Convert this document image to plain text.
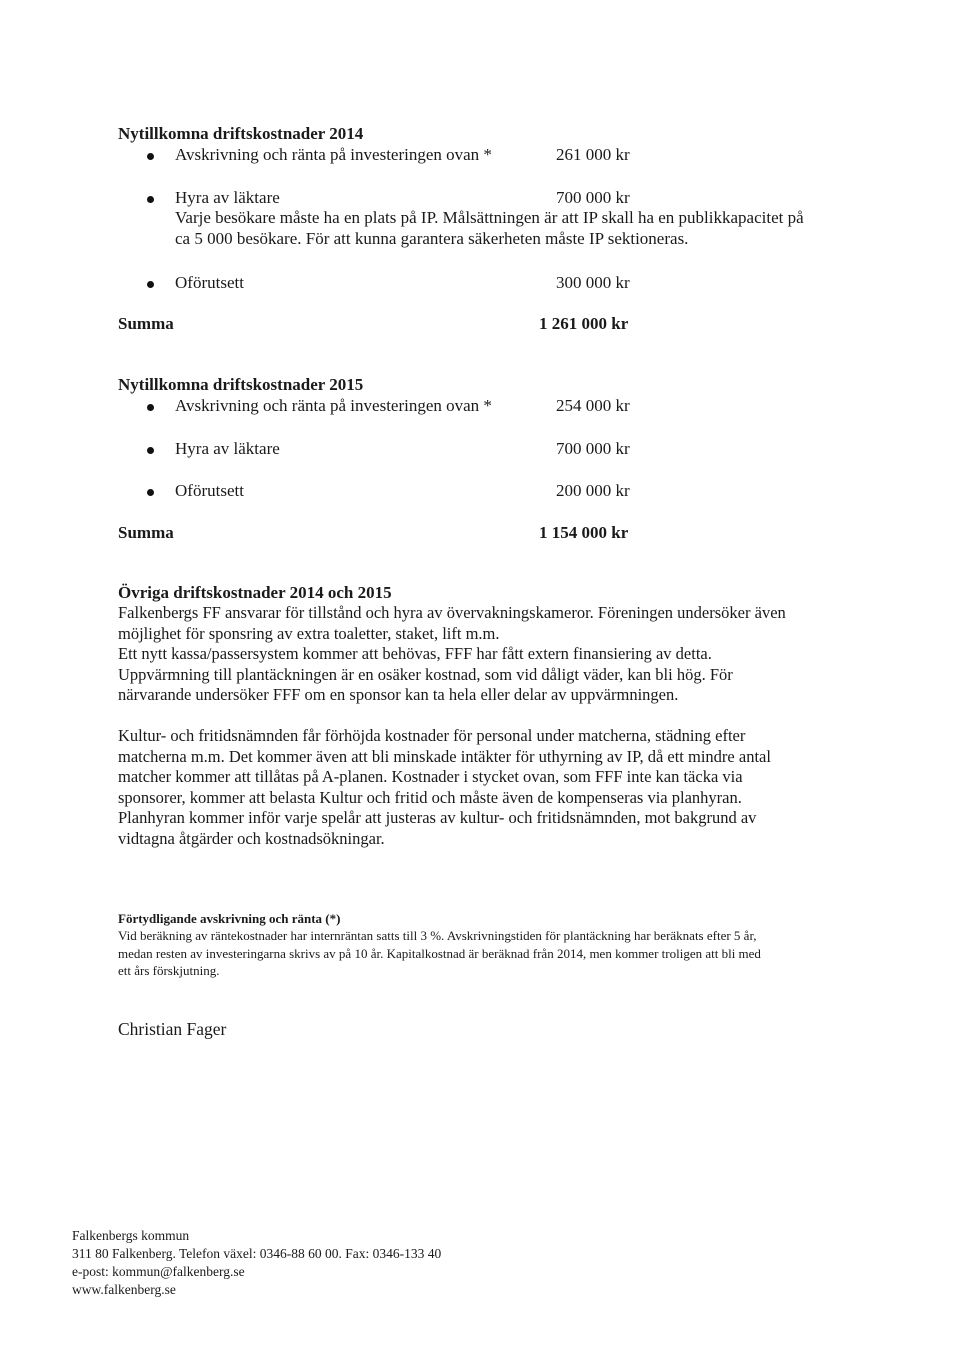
Nytillkomna driftskostnader 2014
Avskrivning och ränta på investeringen ovan *	261 000 kr
Hyra av läktare	700 000 kr
Varje besökare måste ha en plats på IP. Målsättningen är att IP skall ha en publikkapacitet på
ca 5 000 besökare. För att kunna garantera säkerheten måste IP sektioneras.
Oförutsett	300 000 kr
Summa	1 261 000 kr
Nytillkomna driftskostnader 2015
Avskrivning och ränta på investeringen ovan *	254 000 kr
Hyra av läktare	700 000 kr
Oförutsett	200 000 kr
Summa	1 154 000 kr
Övriga driftskostnader 2014 och 2015

Falkenbergs FF ansvarar för tillstånd och hyra av övervakningskameror. Föreningen undersöker även

möjlighet för sponsring av extra toaletter, staket, lift m.m.

Ett nytt kassa/passersystem kommer att behövas, FFF har fått extern finansiering av detta.

Uppvärmning till plantäckningen är en osäker kostnad, som vid dåligt väder, kan bli hög. För

närvarande undersöker FFF om en sponsor kan ta hela eller delar av uppvärmningen.

Kultur- och fritidsnämnden får förhöjda kostnader för personal under matcherna, städning efter

matcherna m.m. Det kommer även att bli minskade intäkter för uthyrning av IP, då ett mindre antal

matcher kommer att tillåtas på A-planen. Kostnader i stycket ovan, som FFF inte kan täcka via

sponsorer, kommer att belasta Kultur och fritid och måste även de kompenseras via planhyran.

Planhyran kommer inför varje spelår att justeras av kultur- och fritidsnämnden, mot bakgrund av

vidtagna åtgärder och kostnadsökningar.

Förtydligande avskrivning och ränta (*)
Vid beräkning av räntekostnader har internräntan satts till 3 %. Avskrivningstiden för plantäckning har beräknats efter 5 år,
medan resten av investeringarna skrivs av på 10 år. Kapitalkostnad är beräknad från 2014, men kommer troligen att bli med
ett års förskjutning.
Christian Fager
Falkenbergs kommun
311 80 Falkenberg. Telefon växel: 0346-88 60 00. Fax: 0346-133 40
e-post: kommun@falkenberg.se
www.falkenberg.se
